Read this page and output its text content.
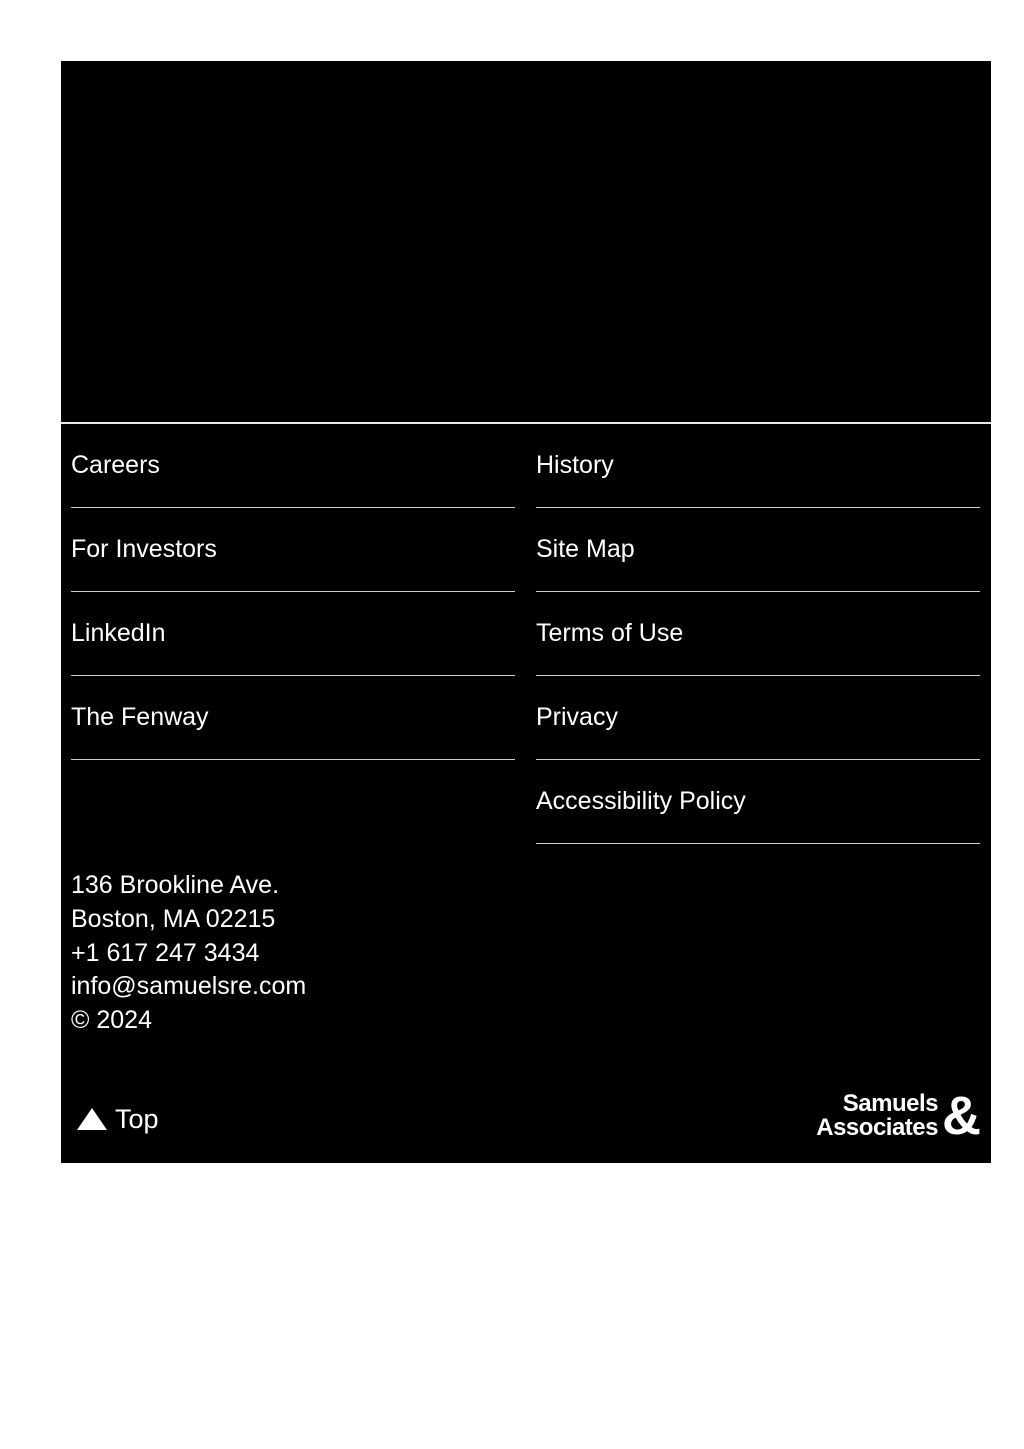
Careers
For Investors
LinkedIn
The Fenway
History
Site Map
Terms of Use
Privacy
Accessibility Policy
136 Brookline Ave.
Boston, MA 02215
+1 617 247 3434
info@samuelsre.com
© 2024
Top	Samuels
Associates &
